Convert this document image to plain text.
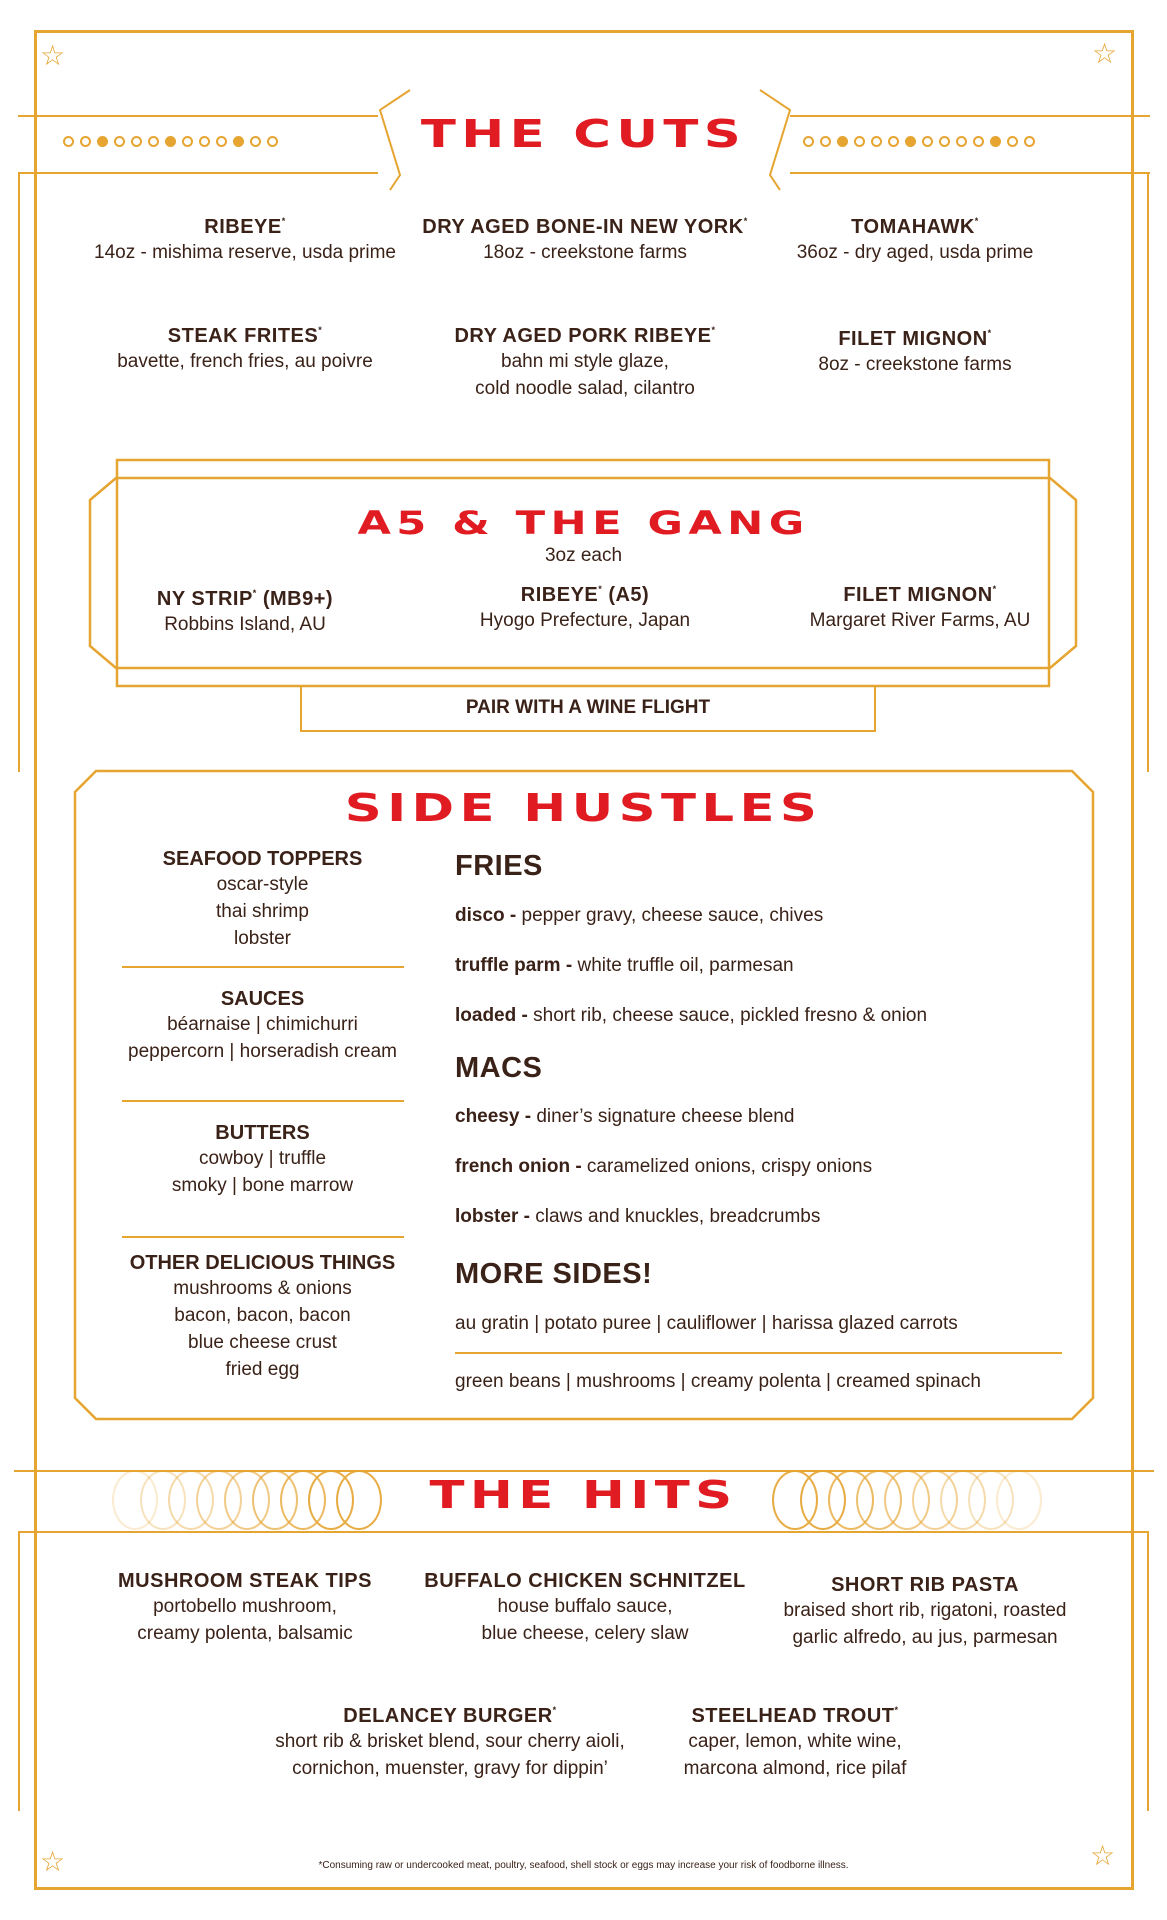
☆	☆
☆	☆
THE CUTS
RIBEYE*
14oz - mishima reserve, usda prime
DRY AGED BONE-IN NEW YORK*
18oz - creekstone farms
TOMAHAWK*
36oz - dry aged, usda prime
STEAK FRITES*
bavette, french fries, au poivre
DRY AGED PORK RIBEYE*
bahn mi style glaze,
cold noodle salad, cilantro
FILET MIGNON*
8oz - creekstone farms
A5 & THE GANG
3oz each
NY STRIP* (MB9+)
Robbins Island, AU
RIBEYE* (A5)
Hyogo Prefecture, Japan
FILET MIGNON*
Margaret River Farms, AU
PAIR WITH A WINE FLIGHT
SIDE HUSTLES
SEAFOOD TOPPERS
oscar-style
thai shrimp
lobster
SAUCES
béarnaise | chimichurri
peppercorn | horseradish cream
BUTTERS
cowboy | truffle
smoky | bone marrow
OTHER DELICIOUS THINGS
mushrooms & onions
bacon, bacon, bacon
blue cheese crust
fried egg
FRIES
disco - pepper gravy, cheese sauce, chives
truffle parm - white truffle oil, parmesan
loaded - short rib, cheese sauce, pickled fresno & onion
MACS
cheesy - diner’s signature cheese blend
french onion - caramelized onions, crispy onions
lobster - claws and knuckles, breadcrumbs
MORE SIDES!
au gratin | potato puree | cauliflower | harissa glazed carrots
green beans | mushrooms | creamy polenta | creamed spinach
THE HITS
MUSHROOM STEAK TIPS
portobello mushroom,
creamy polenta, balsamic
BUFFALO CHICKEN SCHNITZEL
house buffalo sauce,
blue cheese, celery slaw
SHORT RIB PASTA
braised short rib, rigatoni, roasted
garlic alfredo, au jus, parmesan
DELANCEY BURGER*
short rib & brisket blend, sour cherry aioli,
cornichon, muenster, gravy for dippin’
STEELHEAD TROUT*
caper, lemon, white wine,
marcona almond, rice pilaf
*Consuming raw or undercooked meat, poultry, seafood, shell stock or eggs may increase your risk of foodborne illness.
